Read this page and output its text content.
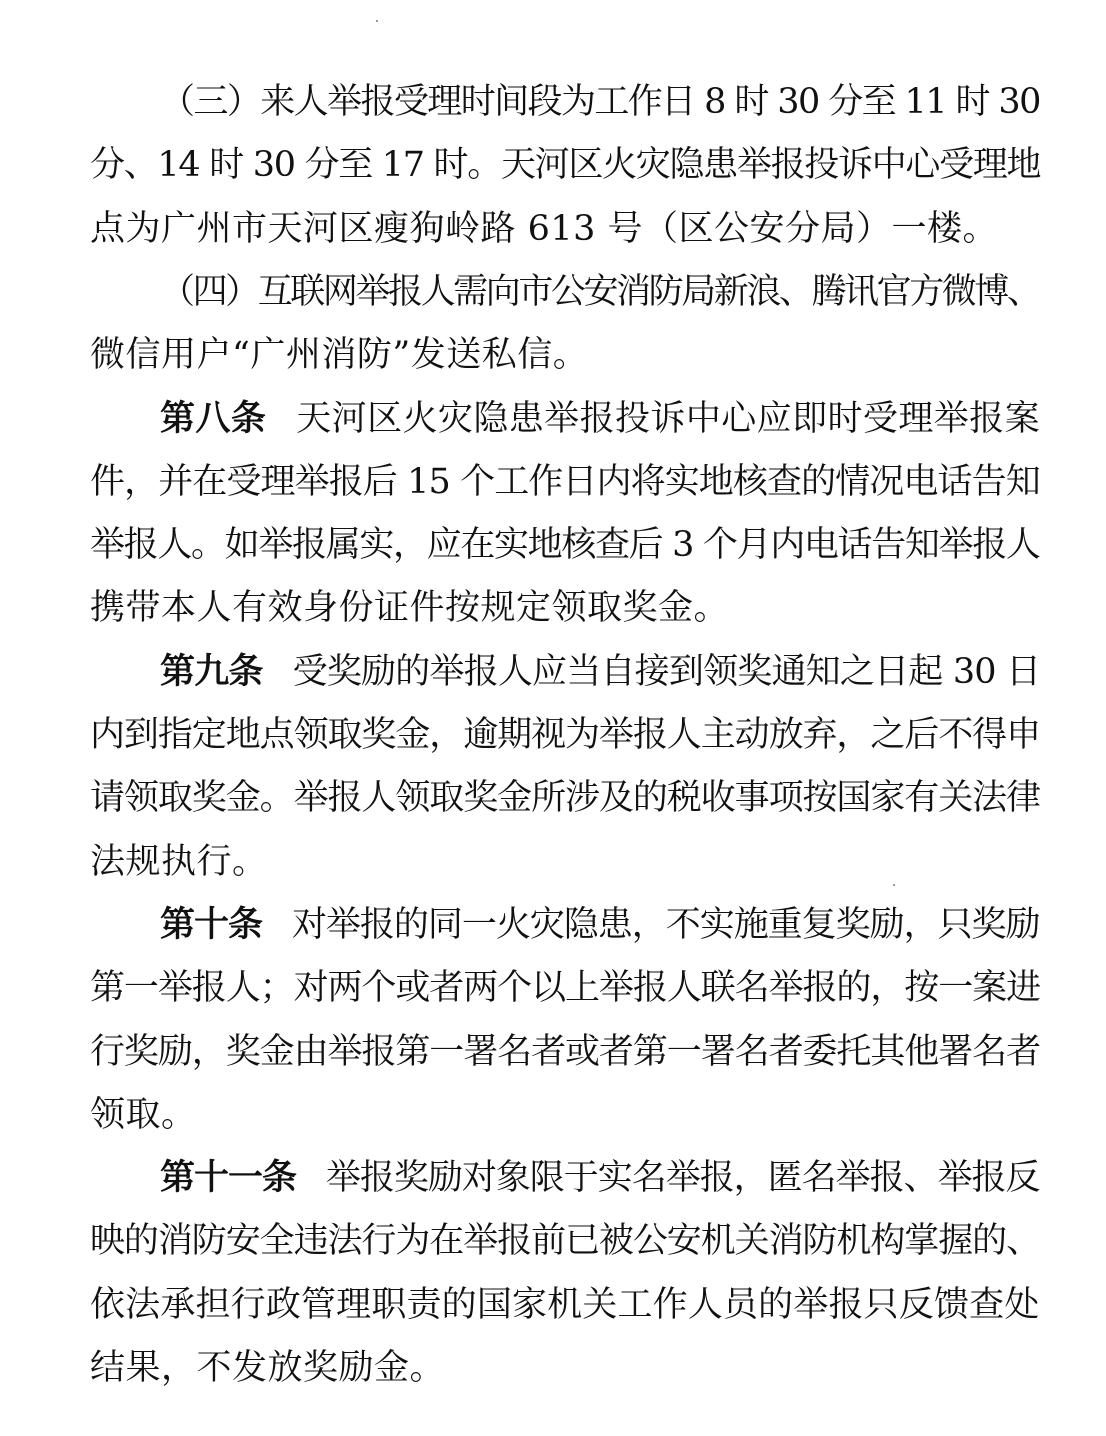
（三）来人举报受理时间段为工作日 8 时 30 分至 11 时 30
分、14 时 30 分至 17 时。天河区火灾隐患举报投诉中心受理地
点为广州市天河区瘦狗岭路 613 号（区公安分局）一楼。
（四）互联网举报人需向市公安消防局新浪、腾讯官方微博、
微信用户“广州消防”发送私信。
第八条 天河区火灾隐患举报投诉中心应即时受理举报案
件，并在受理举报后 15 个工作日内将实地核查的情况电话告知
举报人。如举报属实，应在实地核查后 3 个月内电话告知举报人
携带本人有效身份证件按规定领取奖金。
第九条 受奖励的举报人应当自接到领奖通知之日起 30 日
内到指定地点领取奖金，逾期视为举报人主动放弃，之后不得申
请领取奖金。举报人领取奖金所涉及的税收事项按国家有关法律
法规执行。
第十条 对举报的同一火灾隐患，不实施重复奖励，只奖励
第一举报人；对两个或者两个以上举报人联名举报的，按一案进
行奖励，奖金由举报第一署名者或者第一署名者委托其他署名者
领取。
第十一条 举报奖励对象限于实名举报，匿名举报、举报反
映的消防安全违法行为在举报前已被公安机关消防机构掌握的、
依法承担行政管理职责的国家机关工作人员的举报只反馈查处
结果，不发放奖励金。
